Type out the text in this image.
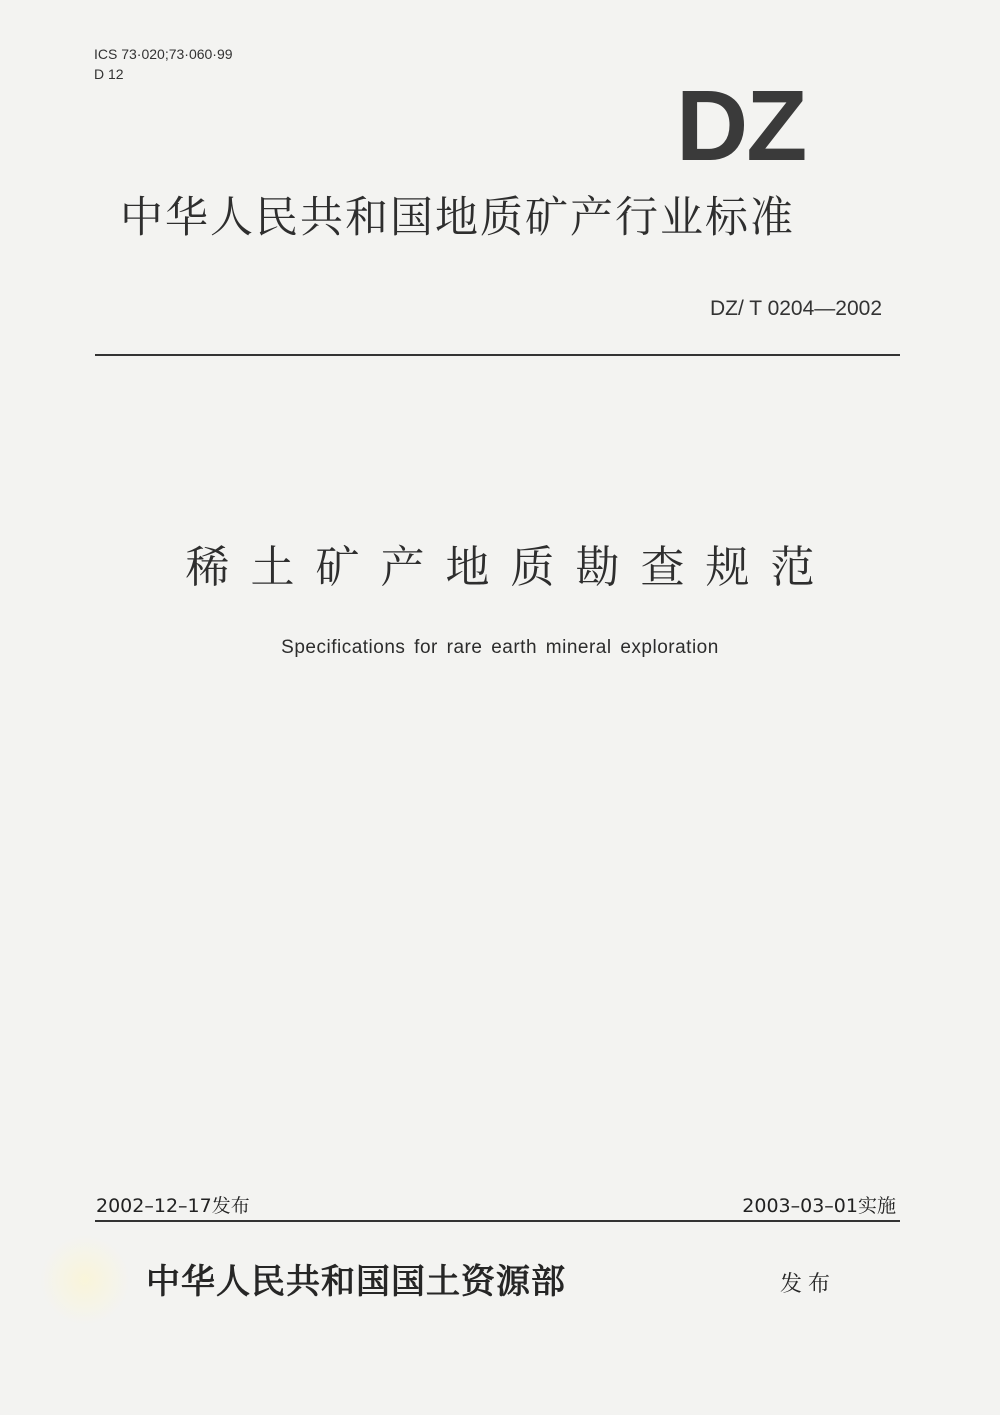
ICS 73·020;73·060·99
D 12	DZ
中华人民共和国地质矿产行业标准
DZ/ T 0204—2002
稀土矿产地质勘查规范
Specifications for rare earth mineral exploration
2002–12–17发布	2003–03–01实施
中华人民共和国国土资源部	发布
